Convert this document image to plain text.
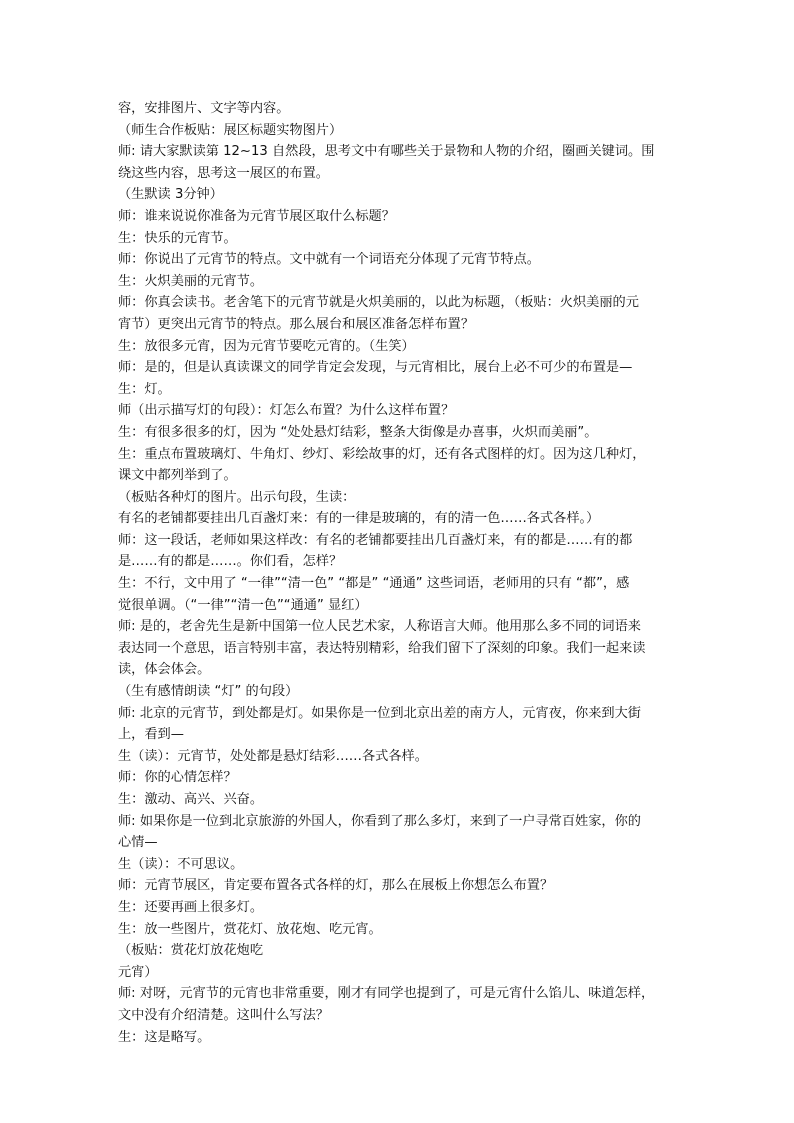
容，安排图片、文字等内容。
（师生合作板贴：展区标题实物图片）
师: 请大家默读第 12~13 自然段，思考文中有哪些关于景物和人物的介绍，圈画关键词。围
绕这些内容，思考这一展区的布置。
（生默读 3分钟）
师：谁来说说你准备为元宵节展区取什么标题？
生：快乐的元宵节。
师：你说出了元宵节的特点。文中就有一个词语充分体现了元宵节特点。
生：火炽美丽的元宵节。
师：你真会读书。老舍笔下的元宵节就是火炽美丽的，以此为标题，（板贴：火炽美丽的元
宵节）更突出元宵节的特点。那么展台和展区准备怎样布置？
生：放很多元宵，因为元宵节要吃元宵的。（生笑）
师：是的，但是认真读课文的同学肯定会发现，与元宵相比，展台上必不可少的布置是—
生：灯。
师（出示描写灯的句段）：灯怎么布置？为什么这样布置？
生：有很多很多的灯，因为 “处处悬灯结彩，整条大街像是办喜事，火炽而美丽”。
生：重点布置玻璃灯、牛角灯、纱灯、彩绘故事的灯，还有各式图样的灯。因为这几种灯，
课文中都列举到了。
（板贴各种灯的图片。出示句段，生读：
有名的老铺都要挂出几百盏灯来：有的一律是玻璃的，有的清一色……各式各样。）
师：这一段话，老师如果这样改：有名的老铺都要挂出几百盏灯来，有的都是……有的都
是……有的都是……。你们看，怎样？
生：不行，文中用了 “一律”“清一色” “都是” “通通” 这些词语，老师用的只有 “都”，感
觉很单调。（“一律”“清一色”“通通” 显红）
师: 是的，老舍先生是新中国第一位人民艺术家，人称语言大师。他用那么多不同的词语来
表达同一个意思，语言特别丰富，表达特别精彩，给我们留下了深刻的印象。我们一起来读
读，体会体会。
（生有感情朗读 “灯” 的句段）
师: 北京的元宵节，到处都是灯。如果你是一位到北京出差的南方人，元宵夜，你来到大街
上，看到—
生（读）：元宵节，处处都是悬灯结彩……各式各样。
师：你的心情怎样？
生：激动、高兴、兴奋。
师: 如果你是一位到北京旅游的外国人，你看到了那么多灯，来到了一户寻常百姓家，你的
心情—
生（读）：不可思议。
师：元宵节展区，肯定要布置各式各样的灯，那么在展板上你想怎么布置？
生：还要再画上很多灯。
生：放一些图片，赏花灯、放花炮、吃元宵。
（板贴：赏花灯放花炮吃
元宵）
师: 对呀，元宵节的元宵也非常重要，刚才有同学也提到了，可是元宵什么馅儿、味道怎样，
文中没有介绍清楚。这叫什么写法？
生：这是略写。
